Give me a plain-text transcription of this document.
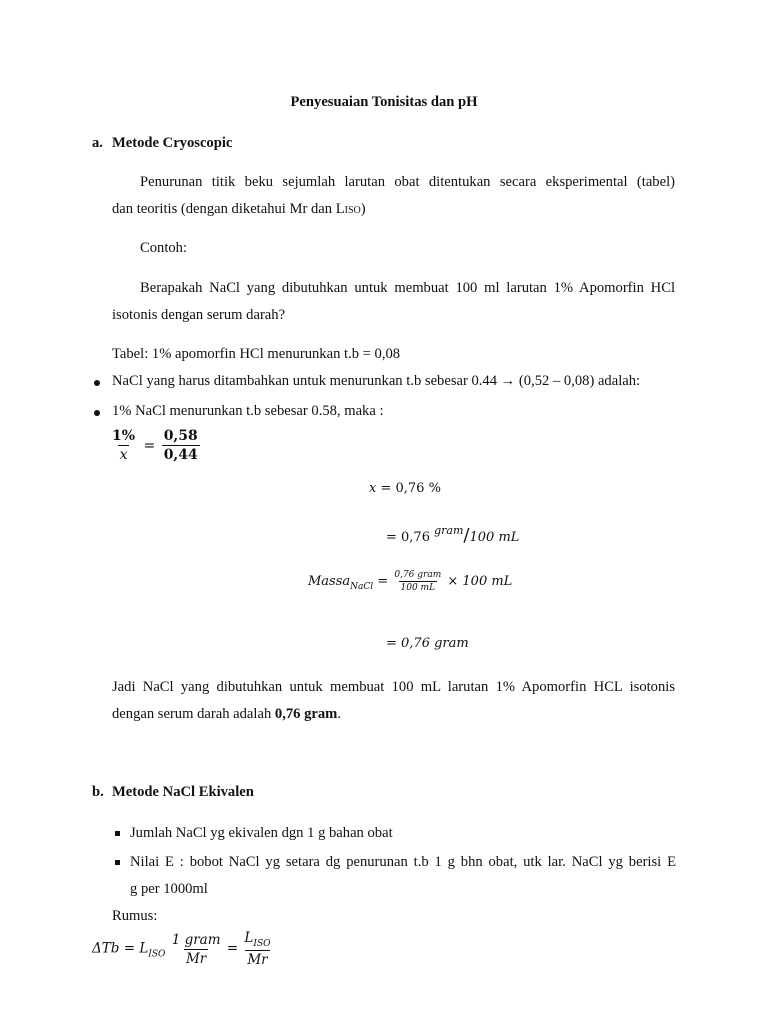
Penyesuaian Tonisitas dan pH
a. Metode Cryoscopic
Penurunan titik beku sejumlah larutan obat ditentukan secara eksperimental (tabel)
dan teoritis (dengan diketahui Mr dan LISO)
Contoh:
Berapakah NaCl yang dibutuhkan untuk membuat 100 ml larutan 1% Apomorfin HCl
isotonis dengan serum darah?
Tabel: 1% apomorfin HCl menurunkan t.b = 0,08
NaCl yang harus ditambahkan untuk menurunkan t.b sebesar 0.44 → (0,52 – 0,08) adalah:
1% NaCl menurunkan t.b sebesar 0.58, maka :
$\frac{1\%}{x} = \frac{0,58}{0,44}$
x = 0,76 %
= 0,76 $^{gram}$/100 mL
Massa$_{NaCl}$ = $\frac{\text{0,76 gram}}{100 mL} \times 100$ mL
= 0,76 gram
Jadi NaCl yang dibutuhkan untuk membuat 100 mL larutan 1% Apomorfin HCL isotonis
dengan serum darah adalah 0,76 gram.
b. Metode NaCl Ekivalen
Jumlah NaCl yg ekivalen dgn 1 g bahan obat
Nilai E : bobot NaCl yg setara dg penurunan t.b 1 g bhn obat, utk lar. NaCl yg berisi E
g per 1000ml
Rumus:
$\Delta Tb = L_{ISO} \frac{\text{1 gram}}{Mr} = \frac{L_{ISO}}{Mr}$
